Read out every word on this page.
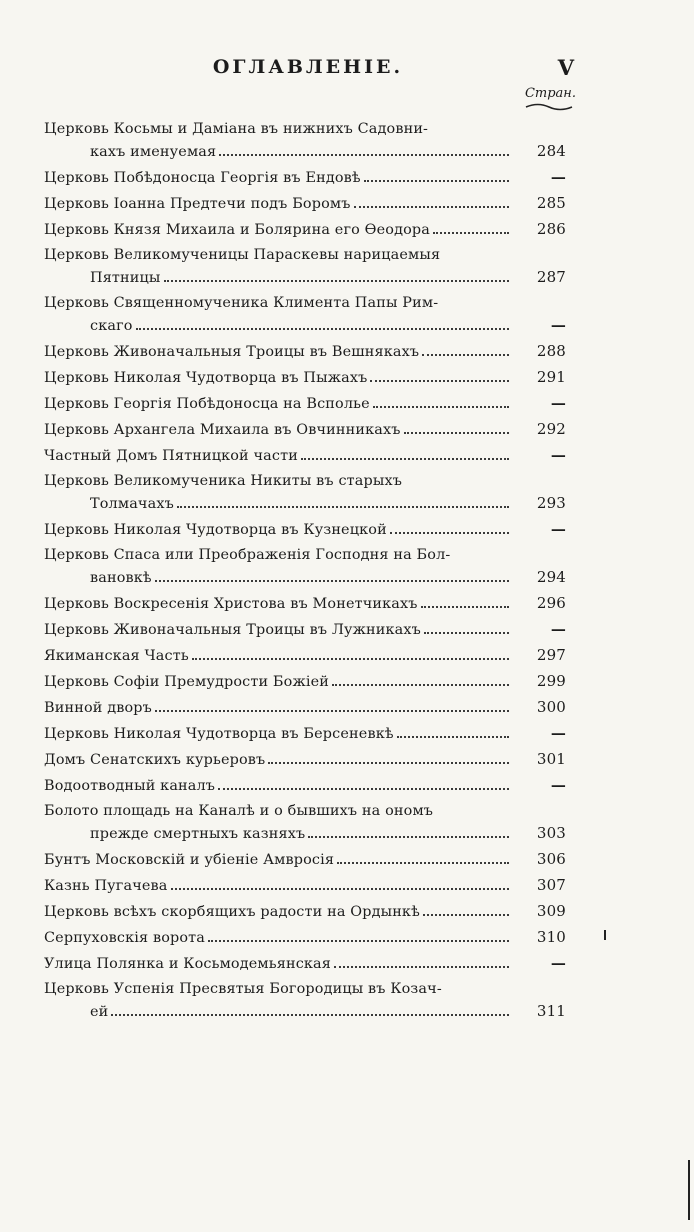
ОГЛАВЛЕНІЕ.	V
Стран.
Церковь Косьмы и Даміана въ нижнихъ Садовни-
кахъ именуемая	284
Церковь Побѣдоносца Георгія въ Ендовѣ	—
Церковь Іоанна Предтечи подъ Боромъ	285
Церковь Князя Михаила и Болярина его Ѳеодора	286
Церковь Великомученицы Параскевы нарицаемыя
Пятницы	287
Церковь Священномученика Климента Папы Рим-
скаго	—
Церковь Живоначальныя Троицы въ Вешнякахъ	288
Церковь Николая Чудотворца въ Пыжахъ	291
Церковь Георгія Побѣдоносца на Всполье	—
Церковь Архангела Михаила въ Овчинникахъ	292
Частный Домъ Пятницкой части	—
Церковь Великомученика Никиты въ старыхъ
Толмачахъ	293
Церковь Николая Чудотворца въ Кузнецкой	—
Церковь Спаса или Преображенія Господня на Бол-
вановкѣ	294
Церковь Воскресенія Христова въ Монетчикахъ	296
Церковь Живоначальныя Троицы въ Лужникахъ	—
Якиманская Часть	297
Церковь Софіи Премудрости Божіей	299
Винной дворъ	300
Церковь Николая Чудотворца въ Берсеневкѣ	—
Домъ Сенатскихъ курьеровъ	301
Водоотводный каналъ	—
Болото площадь на Каналѣ и о бывшихъ на ономъ
прежде смертныхъ казняхъ	303
Бунтъ Московскій и убіеніе Амвросія	306
Казнь Пугачева	307
Церковь всѣхъ скорбящихъ радости на Ордынкѣ	309
Серпуховскія ворота	310
Улица Полянка и Косьмодемьянская	—
Церковь Успенія Пресвятыя Богородицы въ Козач-
ей	311
